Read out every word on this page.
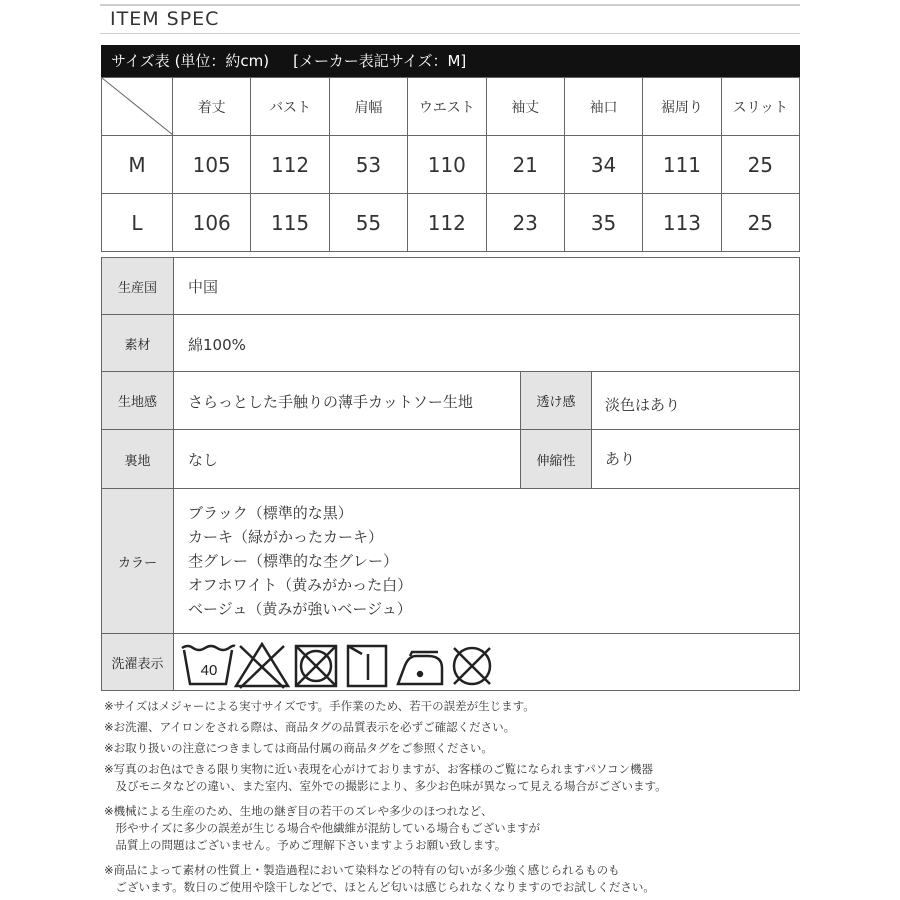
ITEM SPEC
サイズ表 (単位：約cm) [メーカー表記サイズ：M]
	着丈	バスト	肩幅	ウエスト	袖丈	袖口	裾周り	スリット
M	105	112	53	110	21	34	111	25
L	106	115	55	112	23	35	113	25
生産国	中国
素材	綿100%
生地感	さらっとした手触りの薄手カットソー生地	透け感	淡色はあり
裏地	なし	伸縮性	あり
カラー
ブラック（標準的な黒）
カーキ（緑がかったカーキ）
杢グレー（標準的な杢グレー）
オフホワイト（黄みがかった白）
ベージュ（黄みが強いベージュ）
洗濯表示	40
※サイズはメジャーによる実寸サイズです。手作業のため、若干の誤差が生じます。
※お洗濯、アイロンをされる際は、商品タグの品質表示を必ずご確認ください。
※お取り扱いの注意につきましては商品付属の商品タグをご参照ください。
※写真のお色はできる限り実物に近い表現を心がけておりますが、お客様のご覧になられますパソコン機器
　及びモニタなどの違い、また室内、室外での撮影により、多少お色味が異なって見える場合がございます。
※機械による生産のため、生地の継ぎ目の若干のズレや多少のほつれなど、
　形やサイズに多少の誤差が生じる場合や他繊維が混紡している場合もございますが
　品質上の問題はございません。予めご理解下さいますようお願い致します。
※商品によって素材の性質上・製造過程において染料などの特有の匂いが多少強く感じられるものも
　ございます。数日のご使用や陰干しなどで、ほとんど匂いは感じられなくなりますのでお試しください。
